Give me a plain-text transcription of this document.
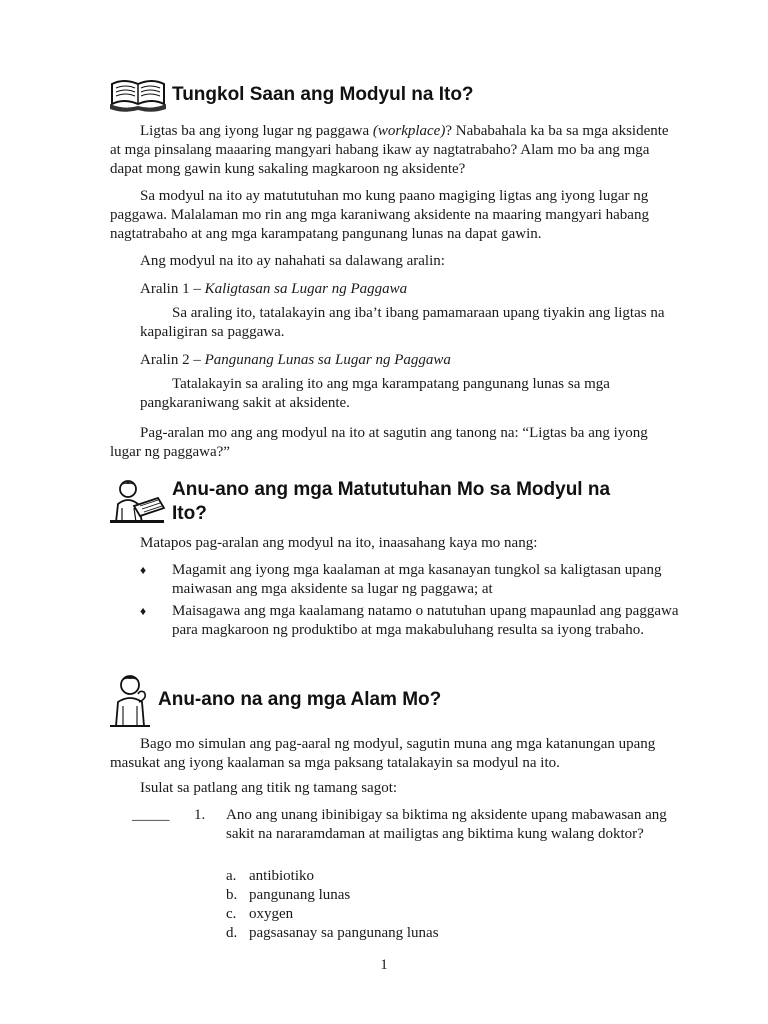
Tungkol Saan ang Modyul na Ito?

Ligtas ba ang iyong lugar ng paggawa (workplace)? Nababahala ka ba sa mga aksidente at mga pinsalang maaaring mangyari habang ikaw ay nagtatrabaho? Alam mo ba ang mga dapat mong gawin kung sakaling magkaroon ng aksidente?

Sa modyul na ito ay matututuhan mo kung paano magiging ligtas ang iyong lugar ng paggawa. Malalaman mo rin ang mga karaniwang aksidente na maaring mangyari habang nagtatrabaho at ang mga karampatang pangunang lunas na dapat gawin.

Ang modyul na ito ay nahahati sa dalawang aralin:

Aralin 1 – Kaligtasan sa Lugar ng Paggawa

Sa araling ito, tatalakayin ang iba’t ibang pamamaraan upang tiyakin ang ligtas na kapaligiran sa paggawa.

Aralin 2 – Pangunang Lunas sa Lugar ng Paggawa

Tatalakayin sa araling ito ang mga karampatang pangunang lunas sa mga pangkaraniwang sakit at aksidente.

Pag-aralan mo ang ang modyul na ito at sagutin ang tanong na: “Ligtas ba ang iyong lugar ng paggawa?”

Anu-ano ang mga Matututuhan Mo sa Modyul na
Ito?

Matapos pag-aralan ang modyul na ito, inaasahang kaya mo nang:

♦ Magamit ang iyong mga kaalaman at mga kasanayan tungkol sa kaligtasan upang maiwasan ang mga aksidente sa lugar ng paggawa; at
♦ Maisagawa ang mga kaalamang natamo o natutuhan upang mapaunlad ang paggawa para magkaroon ng produktibo at mga makabuluhang resulta sa iyong trabaho.
Anu-ano na ang mga Alam Mo?

Bago mo simulan ang pag-aaral ng modyul, sagutin muna ang mga katanungan upang masukat ang iyong kaalaman sa mga paksang tatalakayin sa modyul na ito.

Isulat sa patlang ang titik ng tamang sagot:

_____ 1. Ano ang unang ibinibigay sa biktima ng aksidente upang mabawasan ang sakit na nararamdaman at mailigtas ang biktima kung walang doktor?
a. antibiotiko
b. pangunang lunas
c. oxygen
d. pagsasanay sa pangunang lunas
1
